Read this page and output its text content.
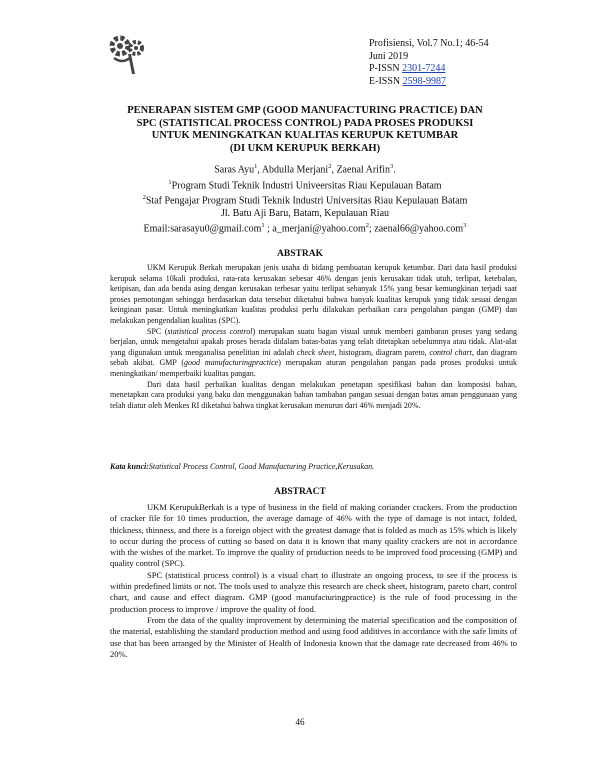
Profisiensi, Vol.7 No.1; 46-54
Juni 2019
P-ISSN 2301-7244
E-ISSN 2598-9987
PENERAPAN SISTEM GMP (GOOD MANUFACTURING PRACTICE) DAN
SPC (STATISTICAL PROCESS CONTROL) PADA PROSES PRODUKSI
UNTUK MENINGKATKAN KUALITAS KERUPUK KETUMBAR
(DI UKM KERUPUK BERKAH)
Saras Ayu$^1$, Abdulla Merjani$^2$, Zaenal Arifin$^3$.
$^1$Program Studi Teknik Industri Univeersitas Riau Kepulauan Batam
$^2$Staf Pengajar Program Studi Teknik Industri Universitas Riau Kepulauan Batam
Jl. Batu Aji Baru, Batam, Kepulauan Riau
Email:sarasayu0@gmail.com$^1$ ; a_merjani@yahoo.com$^2$; zaenal66@yahoo.com$^3$
ABSTRAK

UKM Kerupuk Berkah merupakan jenis usaha di bidang pembuatan kerupuk ketumbar. Dari data hasil produksi kerupuk selama 10kali produksi, rata-rata kerusakan sebesar 46% dengan jenis kerusakan tidak utuh, terlipat, ketebalan, ketipisan, dan ada benda asing dengan kerusakan terbesar yaitu terlipat sebanyak 15% yang besar kemungkinan terjadi saat proses pemotongan sehingga berdasarkan data tersebut diketahui bahwa banyak kualitas kerupuk yang tidak sesuai dengan keinginan pasar. Untuk meningkatkan kualitas produksi perlu dilakukan perbaikan cara pengolahan pangan (GMP) dan melakukan pengendalian kualitas (SPC).

SPC (statistical process control) merupakan suatu bagan visual untuk memberi gambaran proses yang sedang berjalan, untuk mengetahui apakah proses berada didalam batas-batas yang telah ditetapkan sebelumnya atau tidak. Alat-alat yang digunakan untuk menganalisa penelitian ini adalah check sheet, histogram, diagram pareto, control chart, dan diagram sebab akibat. GMP (good manufacturingpractice) merupakan aturan pengolahan pangan pada proses produksi untuk meningkatkan/ memperbaiki kualitas pangan.

Dari data hasil perbaikan kualitas dengan melakukan penetapan spesifikasi bahan dan komposisi bahan, menetapkan cara produksi yang baku dan menggunakan bahan tambahan pangan sesuai dengan batas aman penggunaan yang telah diatur oleh Menkes RI diketahui bahwa tingkat kerusakan menurun dari 46% menjadi 20%.

Kata kunci:Statistical Process Control, Good Manufacturing Practice,Kerusakan.
ABSTRACT

UKM KerupukBerkah is a type of business in the field of making coriander crackers. From the production of cracker file for 10 times production, the average damage of 46% with the type of damage is not intact, folded, thickness, thinness, and there is a foreign object with the greatest damage that is folded as much as 15% which is likely to occur during the process of cutting so based on data it is known that many quality crackers are not in accordance with the wishes of the market. To improve the quality of production needs to be improved food processing (GMP) and quality control (SPC).

SPC (statistical process control) is a visual chart to illustrate an ongoing process, to see if the process is within predefined limits or not. The tools used to analyze this research are check sheet, histogram, pareto chart, control chart, and cause and effect diagram. GMP (good manufacturingpractice) is the rule of food processing in the production process to improve / improve the quality of food.

From the data of the quality improvement by determining the material specification and the composition of the material, establishing the standard production method and using food additives in accordance with the safe limits of use that has been arranged by the Minister of Health of Indonesia known that the damage rate decreased from 46% to 20%.

46
